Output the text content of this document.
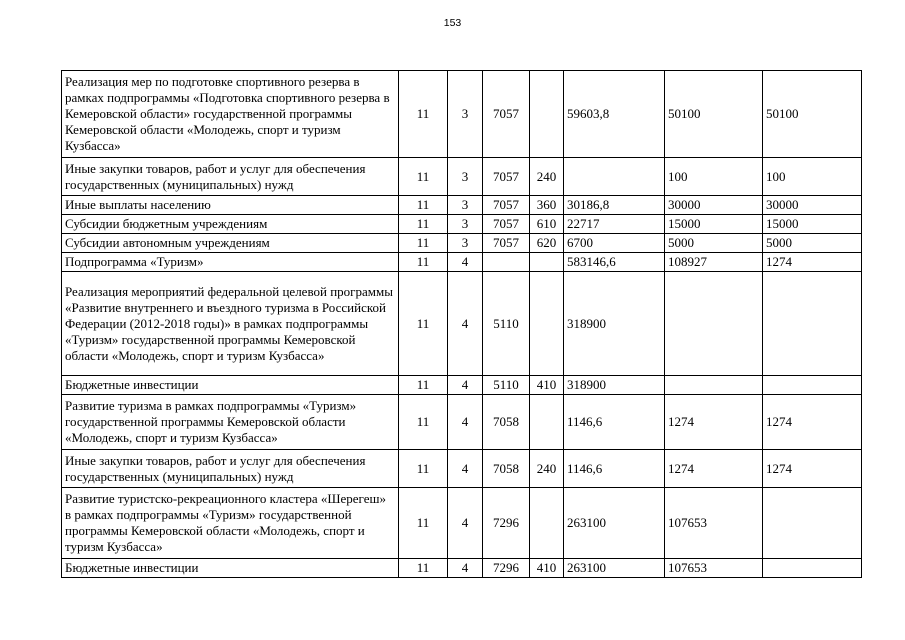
153
Реализация мер по подготовке спортивного резерва в рамках подпрограммы «Подготовка спортивного резерва в Кемеровской области» государственной программы Кемеровской области «Молодежь, спорт и туризм Кузбасса»	11	3	7057		59603,8	50100	50100
Иные закупки товаров, работ и услуг для обеспечения государственных (муниципальных) нужд	11	3	7057	240		100	100
Иные выплаты населению	11	3	7057	360	30186,8	30000	30000
Субсидии бюджетным учреждениям	11	3	7057	610	22717	15000	15000
Субсидии автономным учреждениям	11	3	7057	620	6700	5000	5000
Подпрограмма «Туризм»	11	4			583146,6	108927	1274
Реализация мероприятий федеральной целевой программы «Развитие внутреннего и въездного туризма в Российской Федерации (2012-2018 годы)» в рамках подпрограммы «Туризм» государственной программы Кемеровской области «Молодежь, спорт и туризм Кузбасса»	11	4	5110		318900		
Бюджетные инвестиции	11	4	5110	410	318900		
Развитие туризма в рамках подпрограммы «Туризм» государственной программы Кемеровской области «Молодежь, спорт и туризм Кузбасса»	11	4	7058		1146,6	1274	1274
Иные закупки товаров, работ и услуг для обеспечения государственных (муниципальных) нужд	11	4	7058	240	1146,6	1274	1274
Развитие туристско-рекреационного кластера «Шерегеш» в рамках подпрограммы «Туризм» государственной программы Кемеровской области «Молодежь, спорт и туризм Кузбасса»	11	4	7296		263100	107653	
Бюджетные инвестиции	11	4	7296	410	263100	107653	
